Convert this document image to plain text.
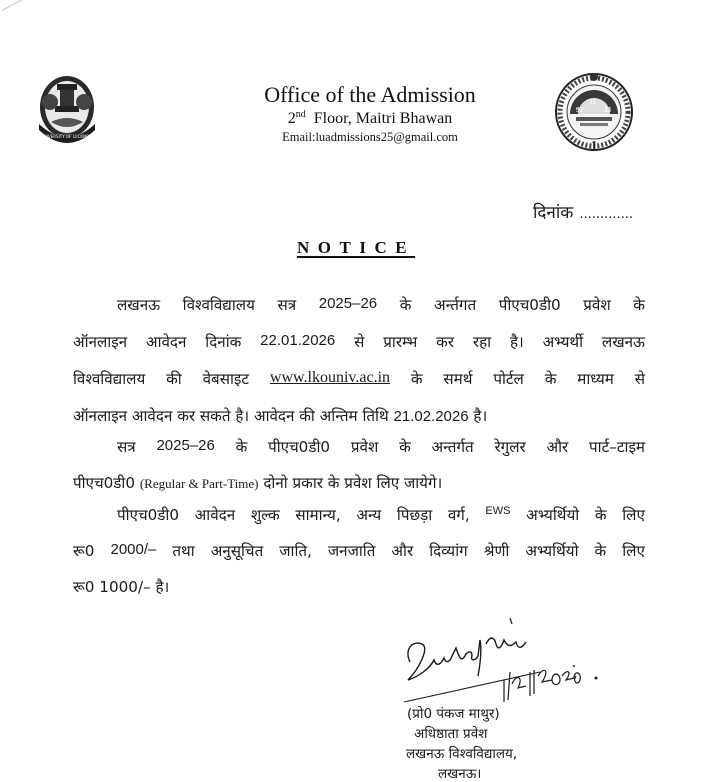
UNIVERSITY OF LUCKNOW
97
31
23
1
Office of the Admission
2nd Floor, Maitri Bhawan
Email:luadmissions25@gmail.com
दिनांक .............
NOTICE
लखनऊ विश्वविद्यालय सत्र 2025–26 के अर्न्तगत पीएच0डी0 प्रवेश के
ऑनलाइन आवेदन दिनांक 22.01.2026 से प्रारम्भ कर रहा है। अभ्यर्थी लखनऊ
विश्वविद्यालय की वेबसाइट www.lkouniv.ac.in के समर्थ पोर्टल के माध्यम से
ऑनलाइन आवेदन कर सकते है। आवेदन की अन्तिम तिथि 21.02.2026 है।
सत्र 2025–26 के पीएच0डी0 प्रवेश के अन्तर्गत रेगुलर और पार्ट–टाइम
पीएच0डी0 (Regular & Part-Time) दोनो प्रकार के प्रवेश लिए जायेगे।
पीएच0डी0 आवेदन शुल्क सामान्य, अन्य पिछड़ा वर्ग, EWS अभ्यर्थियो के लिए
रू0 2000/– तथा अनुसूचित जाति, जनजाति और दिव्यांग श्रेणी अभ्यर्थियो के लिए
रू0 1000/– है।
(प्रो0 पंकज माथुर)
अधिष्ठाता प्रवेश
लखनऊ विश्वविद्यालय,
लखनऊ।
